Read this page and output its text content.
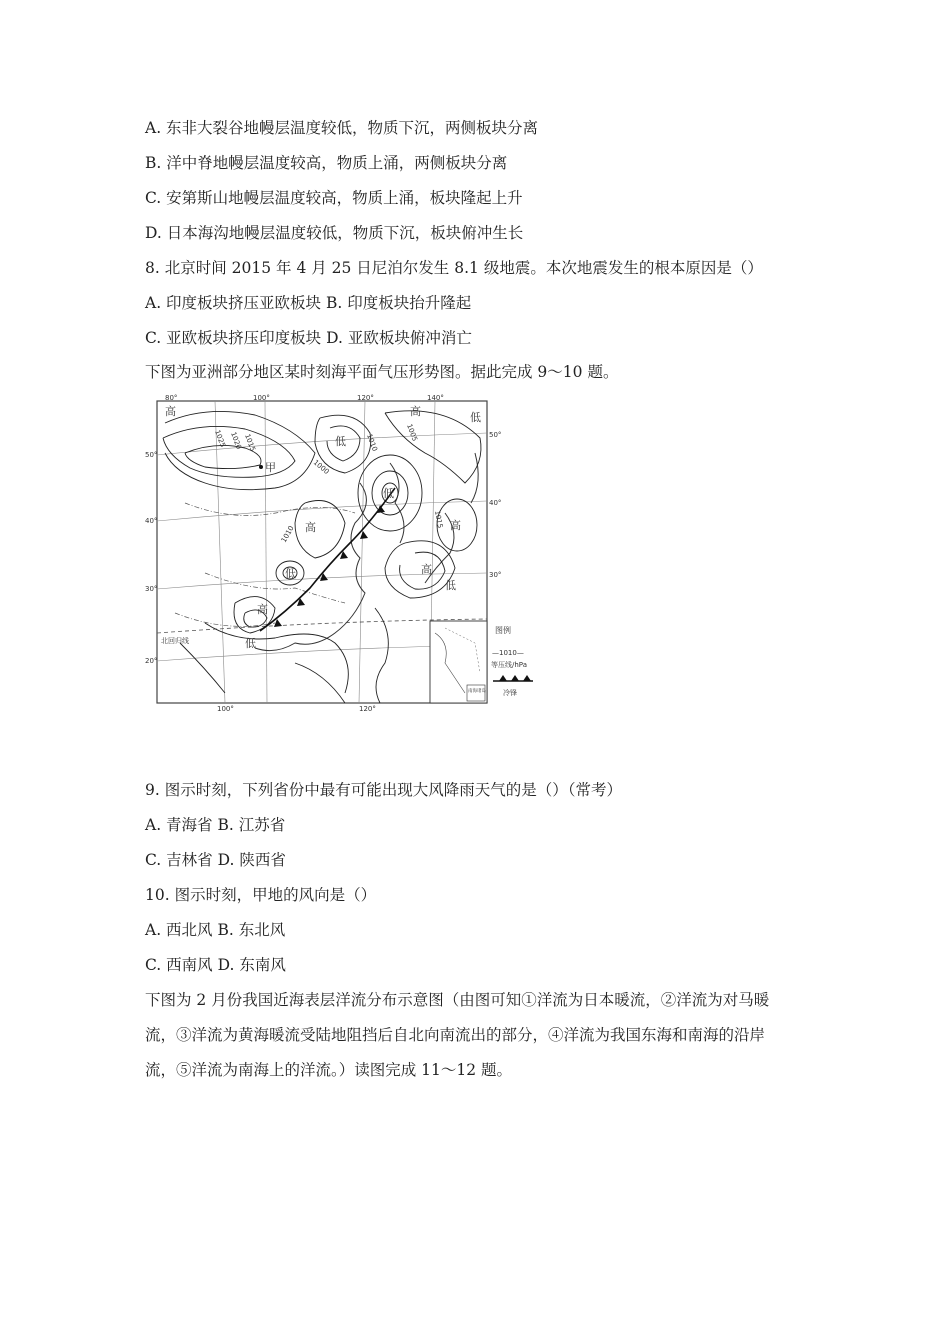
A. 东非大裂谷地幔层温度较低，物质下沉，两侧板块分离
B. 洋中脊地幔层温度较高，物质上涌，两侧板块分离
C. 安第斯山地幔层温度较高，物质上涌，板块隆起上升
D. 日本海沟地幔层温度较低，物质下沉，板块俯冲生长
8. 北京时间 2015 年 4 月 25 日尼泊尔发生 8.1 级地震。本次地震发生的根本原因是（）
A. 印度板块挤压亚欧板块 B. 印度板块抬升隆起
C. 亚欧板块挤压印度板块 D. 亚欧板块俯冲消亡
下图为亚洲部分地区某时刻海平面气压形势图。据此完成 9～10 题。
高
低
低
高	低
高
高
高
低
高
低
低
甲
1025 1020 1015	1010
1005
1000
1010
1015
80°	100°	120°	140°
100°	120°
50°
40°
30°
20°
50°
40°
30°
北回归线
南海诸岛
图例
—1010—
等压线/hPa
冷锋
9. 图示时刻，下列省份中最有可能出现大风降雨天气的是（）（常考）
A. 青海省 B. 江苏省
C. 吉林省 D. 陕西省
10. 图示时刻，甲地的风向是（）
A. 西北风 B. 东北风
C. 西南风 D. 东南风
下图为 2 月份我国近海表层洋流分布示意图（由图可知①洋流为日本暖流，②洋流为对马暖
流，③洋流为黄海暖流受陆地阻挡后自北向南流出的部分，④洋流为我国东海和南海的沿岸
流，⑤洋流为南海上的洋流。）读图完成 11～12 题。
